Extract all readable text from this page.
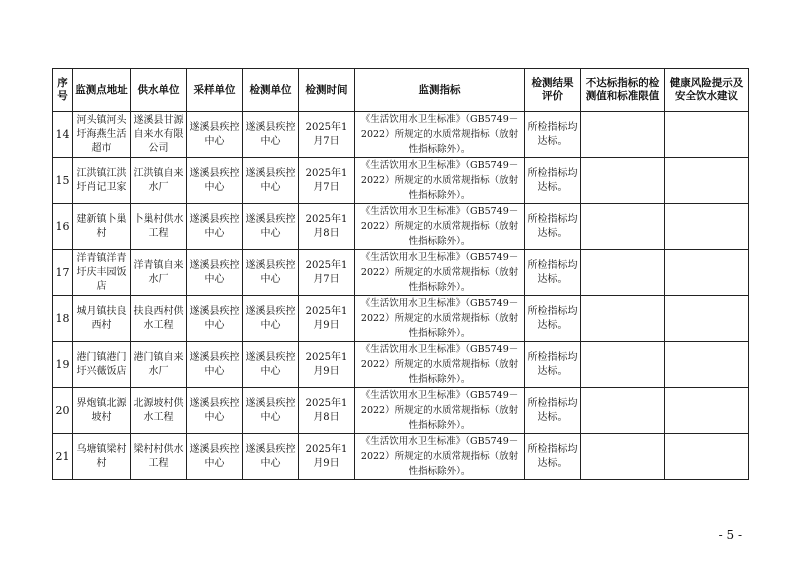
序号	监测点地址	供水单位	采样单位	检测单位	检测时间	监测指标	检测结果评价	不达标指标的检测值和标准限值	健康风险提示及安全饮水建议
14	河头镇河头圩海燕生活超市	遂溪县甘源自来水有限公司	遂溪县疾控中心	遂溪县疾控中心	2025年1月7日	《生活饮用水卫生标准》（GB5749－2022）所规定的水质常规指标（放射性指标除外）。	所检指标均达标。		
15	江洪镇江洪圩肖记卫家	江洪镇自来水厂	遂溪县疾控中心	遂溪县疾控中心	2025年1月7日	《生活饮用水卫生标准》（GB5749－2022）所规定的水质常规指标（放射性指标除外）。	所检指标均达标。		
16	建新镇卜巢村	卜巢村供水工程	遂溪县疾控中心	遂溪县疾控中心	2025年1月8日	《生活饮用水卫生标准》（GB5749－2022）所规定的水质常规指标（放射性指标除外）。	所检指标均达标。		
17	洋青镇洋青圩庆丰园饭店	洋青镇自来水厂	遂溪县疾控中心	遂溪县疾控中心	2025年1月7日	《生活饮用水卫生标准》（GB5749－2022）所规定的水质常规指标（放射性指标除外）。	所检指标均达标。		
18	城月镇扶良西村	扶良西村供水工程	遂溪县疾控中心	遂溪县疾控中心	2025年1月9日	《生活饮用水卫生标准》（GB5749－2022）所规定的水质常规指标（放射性指标除外）。	所检指标均达标。		
19	港门镇港门圩兴薇饭店	港门镇自来水厂	遂溪县疾控中心	遂溪县疾控中心	2025年1月9日	《生活饮用水卫生标准》（GB5749－2022）所规定的水质常规指标（放射性指标除外）。	所检指标均达标。		
20	界炮镇北源坡村	北源坡村供水工程	遂溪县疾控中心	遂溪县疾控中心	2025年1月8日	《生活饮用水卫生标准》（GB5749－2022）所规定的水质常规指标（放射性指标除外）。	所检指标均达标。		
21	乌塘镇梁村村	梁村村供水工程	遂溪县疾控中心	遂溪县疾控中心	2025年1月9日	《生活饮用水卫生标准》（GB5749－2022）所规定的水质常规指标（放射性指标除外）。	所检指标均达标。		
- 5 -
